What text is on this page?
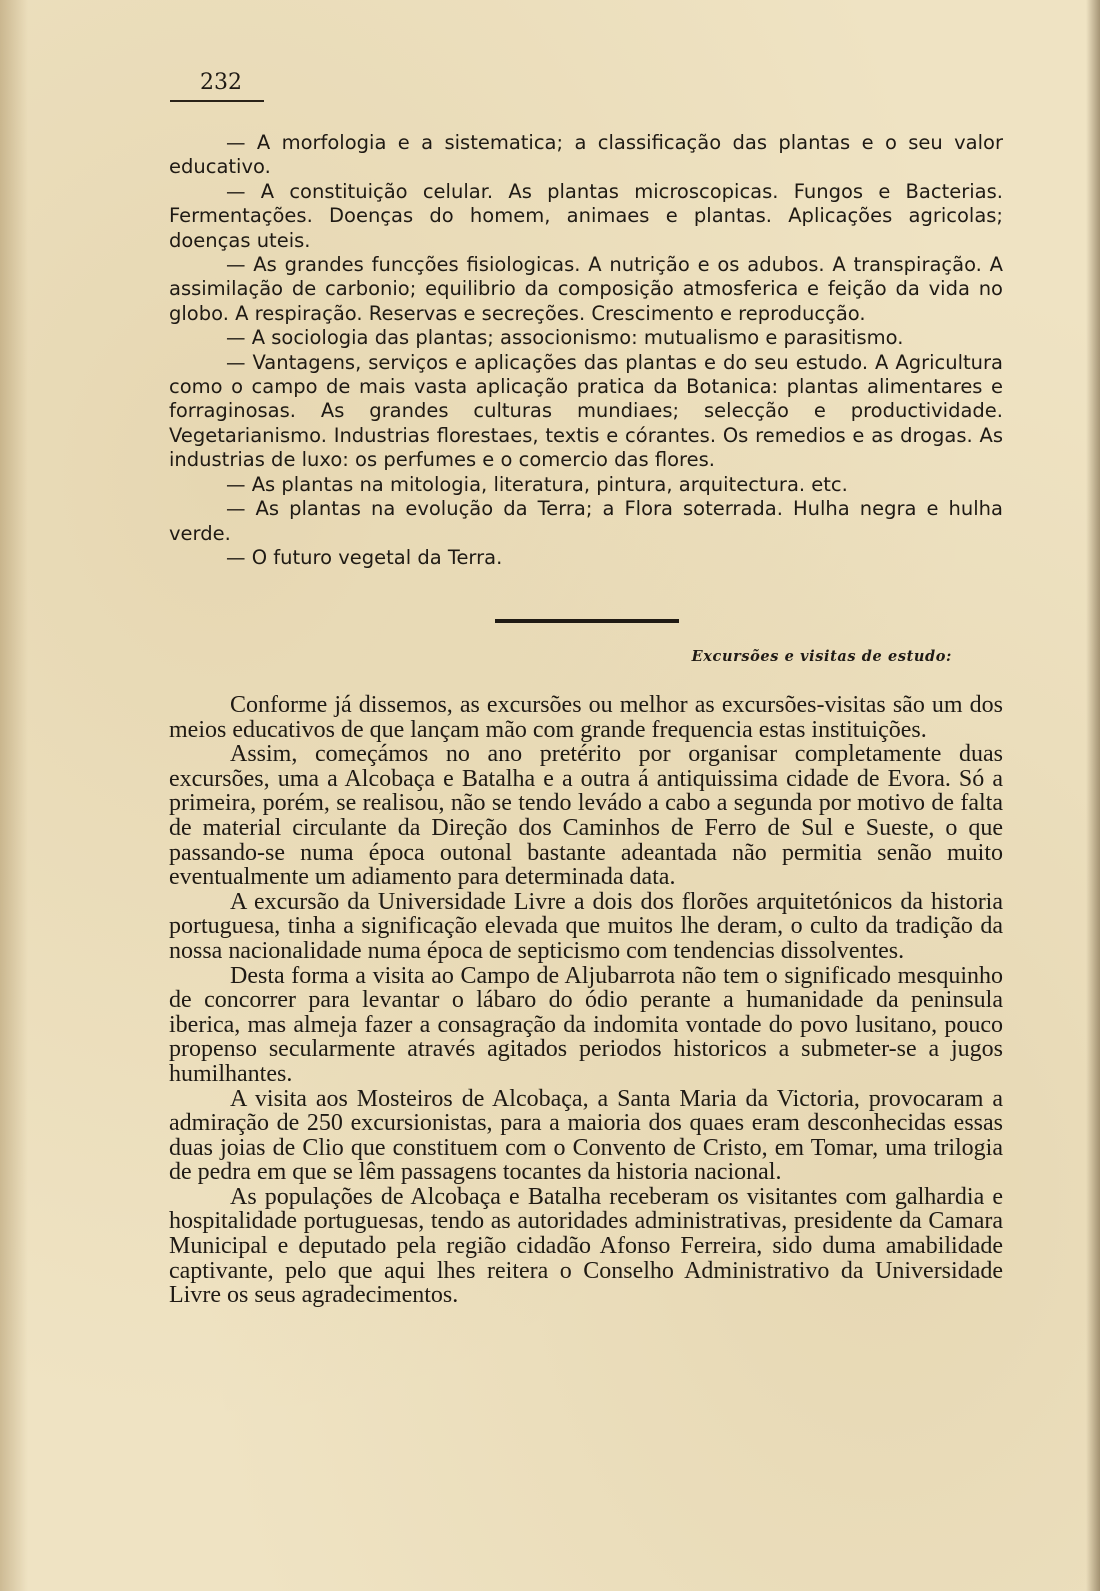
232

— A morfologia e a sistematica; a classificação das plantas e o seu valor educativo.

— A constituição celular. As plantas microscopicas. Fungos e Bacterias. Fermentações. Doenças do homem, animaes e plantas. Aplicações agricolas; doenças uteis.

— As grandes funcções fisiologicas. A nutrição e os adubos. A transpiração. A assimilação de carbonio; equilibrio da composição atmosferica e feição da vida no globo. A respiração. Reservas e secreções. Crescimento e reproducção.

— A sociologia das plantas; associonismo: mutualismo e parasitismo.

— Vantagens, serviços e aplicações das plantas e do seu estudo. A Agricultura como o campo de mais vasta aplicação pratica da Botanica: plantas alimentares e forraginosas. As grandes culturas mundiaes; selecção e productividade. Vegetarianismo. Industrias florestaes, textis e córantes. Os remedios e as drogas. As industrias de luxo: os perfumes e o comercio das flores.

— As plantas na mitologia, literatura, pintura, arquitectura. etc.

— As plantas na evolução da Terra; a Flora soterrada. Hulha negra e hulha verde.

— O futuro vegetal da Terra.

Excursões e visitas de estudo:

Conforme já dissemos, as excursões ou melhor as excursões-visitas são um dos meios educativos de que lançam mão com grande frequencia estas instituições.

Assim, começámos no ano pretérito por organisar completamente duas excursões, uma a Alcobaça e Batalha e a outra á antiquissima cidade de Evora. Só a primeira, porém, se realisou, não se tendo levádo a cabo a segunda por motivo de falta de material circulante da Direção dos Caminhos de Ferro de Sul e Sueste, o que passando-se numa época outonal bastante adeantada não permitia senão muito eventualmente um adiamento para determinada data.

A excursão da Universidade Livre a dois dos florões arquitetónicos da historia portuguesa, tinha a significação elevada que muitos lhe deram, o culto da tradição da nossa nacionalidade numa época de septicismo com tendencias dissolventes.

Desta forma a visita ao Campo de Aljubarrota não tem o significado mesquinho de concorrer para levantar o lábaro do ódio perante a humanidade da peninsula iberica, mas almeja fazer a consagração da indomita vontade do povo lusitano, pouco propenso secularmente através agitados periodos historicos a submeter-se a jugos humilhantes.

A visita aos Mosteiros de Alcobaça, a Santa Maria da Victoria, provocaram a admiração de 250 excursionistas, para a maioria dos quaes eram desconhecidas essas duas joias de Clio que constituem com o Convento de Cristo, em Tomar, uma trilogia de pedra em que se lêm passagens tocantes da historia nacional.

As populações de Alcobaça e Batalha receberam os visitantes com galhardia e hospitalidade portuguesas, tendo as autoridades administrativas, presidente da Camara Municipal e deputado pela região cidadão Afonso Ferreira, sido duma amabilidade captivante, pelo que aqui lhes reitera o Conselho Administrativo da Universidade Livre os seus agradecimentos.
